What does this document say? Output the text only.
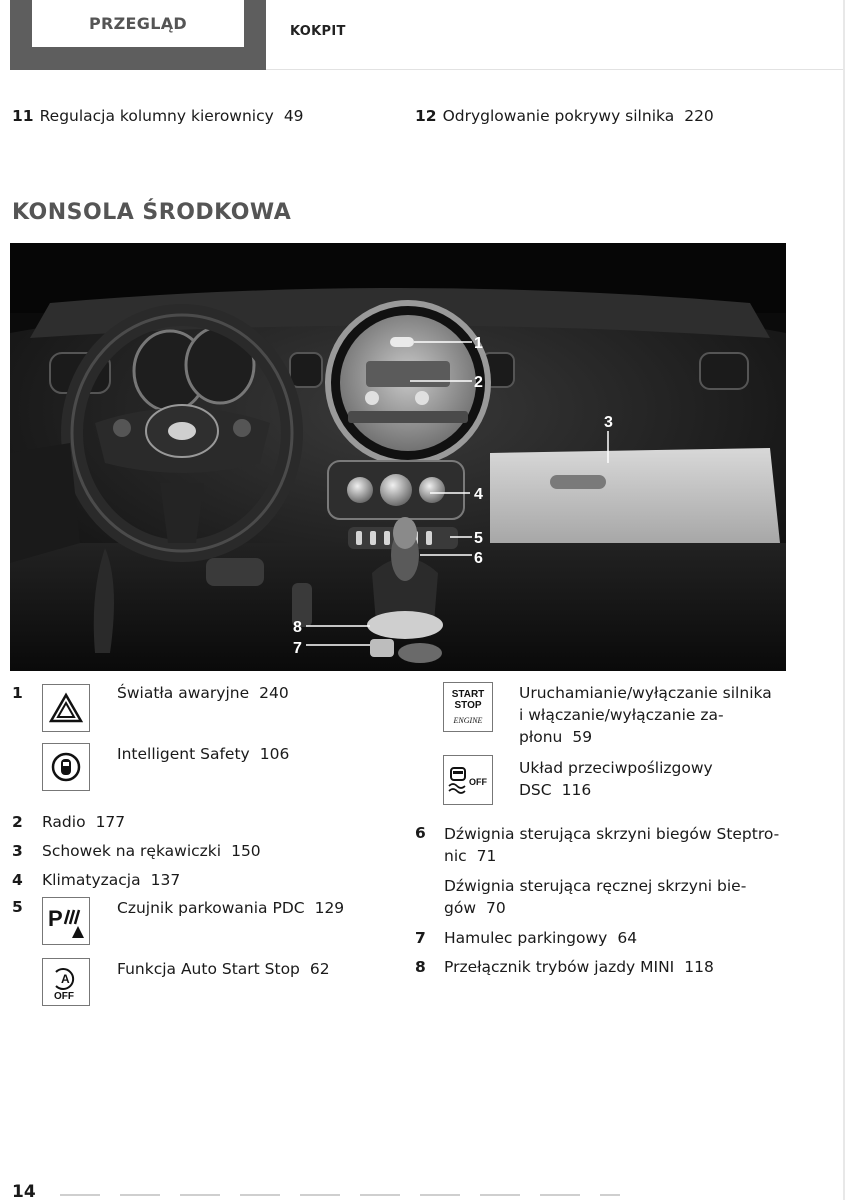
PRZEGLĄD	KOKPIT
11 Regulacja kolumny kierownicy 49	12 Odryglowanie pokrywy silnika 220
KONSOLA ŚRODKOWA
1
2
3
4
5
6
7
8
1	Światła awaryjne 240
Intelligent Safety 106
2 Radio 177
3 Schowek na rękawiczki 150
4 Klimatyzacja 137
5 P	Czujnik parkowania PDC 129
A
OFF
Funkcja Auto Start Stop 62
START
STOP
ENGINE
Uruchamianie/wyłączanie silnika
i włączanie/wyłączanie za-
płonu 59
OFF
Układ przeciwpoślizgowy
DSC 116
6 Dźwignia sterująca skrzyni biegów Steptro-
nic 71
Dźwignia sterująca ręcznej skrzyni bie-
gów 70
7 Hamulec parkingowy 64
8 Przełącznik trybów jazdy MINI 118
14
